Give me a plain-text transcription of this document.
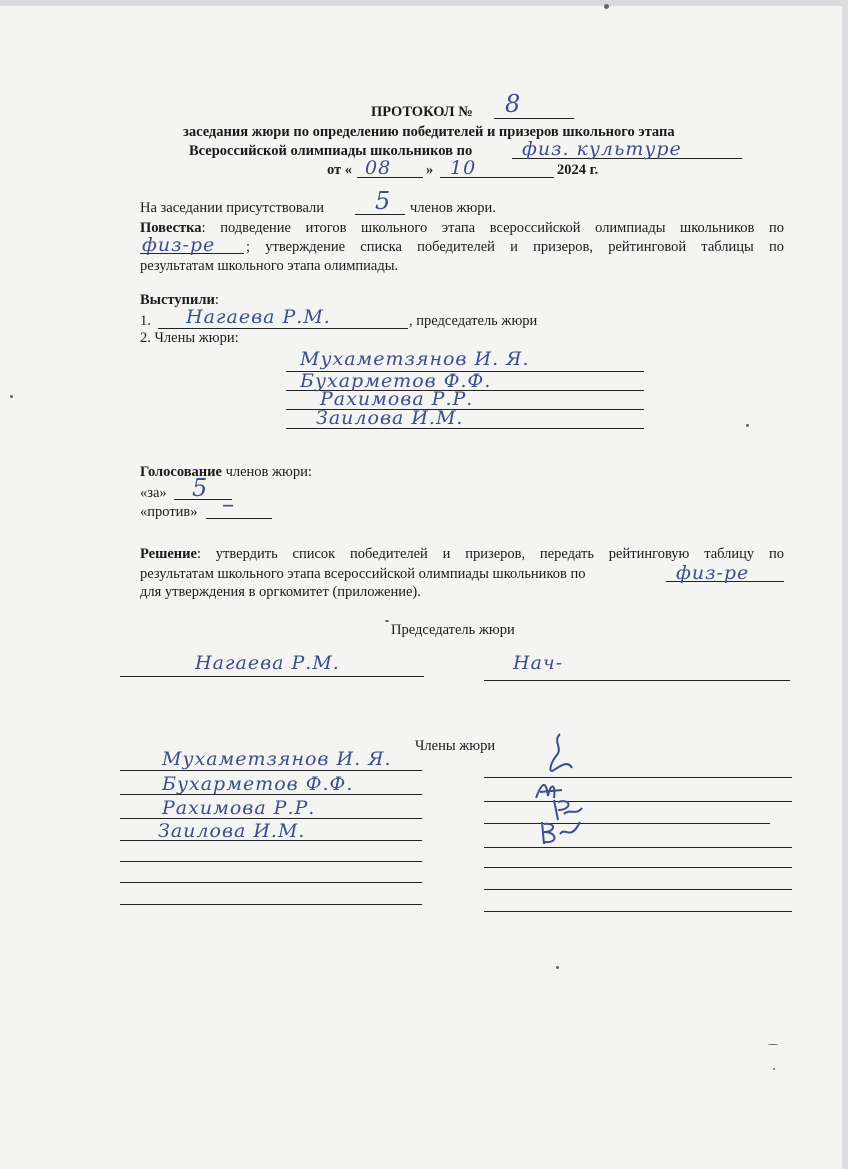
ПРОТОКОЛ № 8
заседания жюри по определению победителей и призеров школьного этапа
Всероссийской олимпиады школьников по	физ. культуре
от « 08 » 10	2024 г.
На заседании присутствовали 5 членов жюри.
Повестка: подведение итогов школьного этапа всероссийской олимпиады школьников по
физ-ре ; утверждение списка победителей и призеров, рейтинговой таблицы по
результатам школьного этапа олимпиады.
Выступили:
1. Нагаева Р.М.	, председатель жюри
2. Члены жюри:
Мухаметзянов И. Я.
Бухарметов Ф.Ф.
Рахимова Р.Р.
Заилова И.М.
Голосование членов жюри:
«за» 5
«против» –
Решение: утвердить список победителей и призеров, передать рейтинговую таблицу по
результатам школьного этапа всероссийской олимпиады школьников по	физ-ре
для утверждения в оргкомитет (приложение).
Председатель жюри
Нагаева Р.М.	Нач-
Члены жюри
Мухаметзянов И. Я.
Бухарметов Ф.Ф.
Рахимова Р.Р.
Заилова И.М.
